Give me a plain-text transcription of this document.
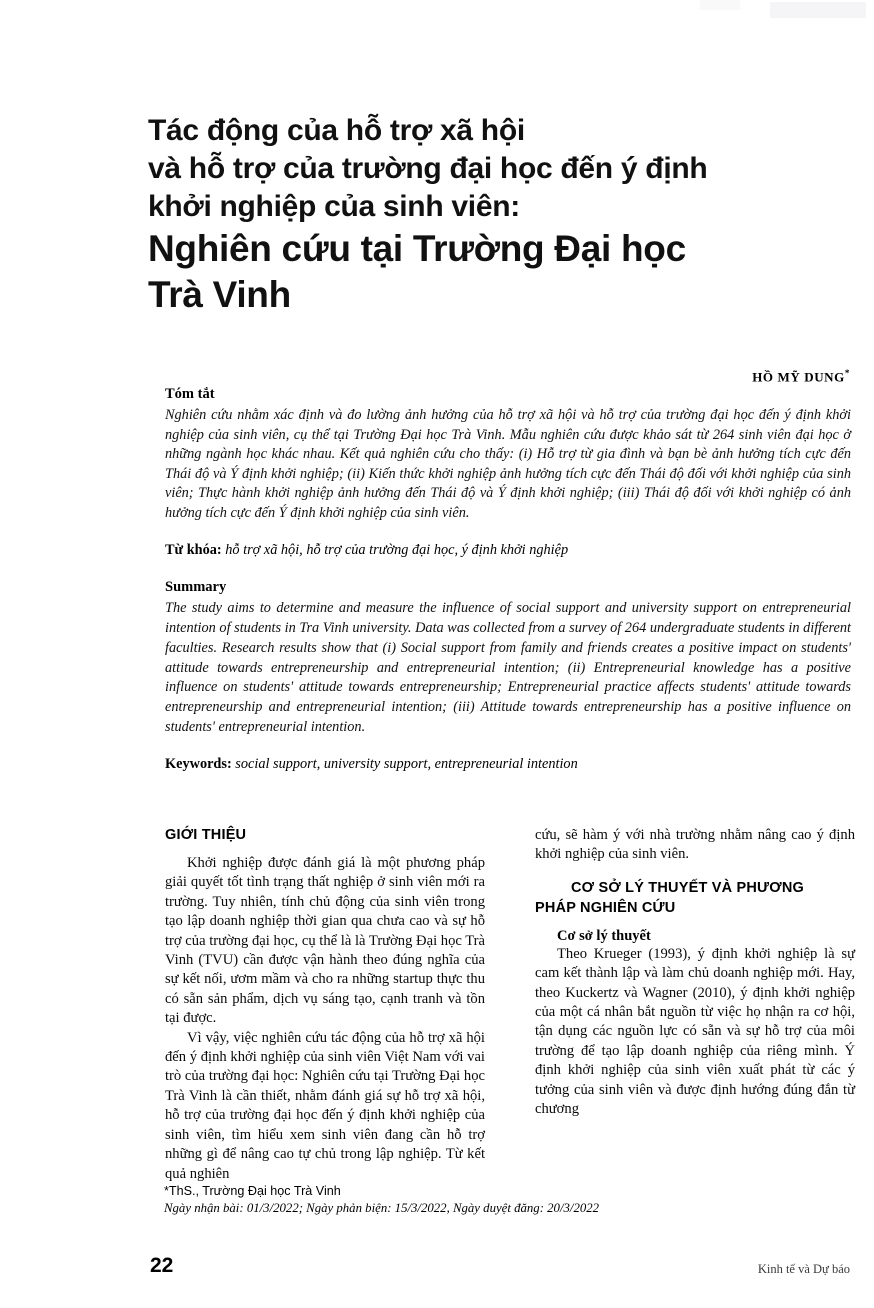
Tác động của hỗ trợ xã hội
và hỗ trợ của trường đại học đến ý định
khởi nghiệp của sinh viên:
Nghiên cứu tại Trường Đại học
Trà Vinh
HỒ MỸ DUNG*
Tóm tắt

Nghiên cứu nhằm xác định và đo lường ảnh hưởng của hỗ trợ xã hội và hỗ trợ của trường đại học đến ý định khởi nghiệp của sinh viên, cụ thể tại Trường Đại học Trà Vinh. Mẫu nghiên cứu được khảo sát từ 264 sinh viên đại học ở những ngành học khác nhau. Kết quả nghiên cứu cho thấy: (i) Hỗ trợ từ gia đình và bạn bè ảnh hưởng tích cực đến Thái độ và Ý định khởi nghiệp; (ii) Kiến thức khởi nghiệp ảnh hưởng tích cực đến Thái độ đối với khởi nghiệp của sinh viên; Thực hành khởi nghiệp ảnh hưởng đến Thái độ và Ý định khởi nghiệp; (iii) Thái độ đối với khởi nghiệp có ảnh hưởng tích cực đến Ý định khởi nghiệp của sinh viên.

Từ khóa: hỗ trợ xã hội, hỗ trợ của trường đại học, ý định khởi nghiệp

Summary

The study aims to determine and measure the influence of social support and university support on entrepreneurial intention of students in Tra Vinh university. Data was collected from a survey of 264 undergraduate students in different faculties. Research results show that (i) Social support from family and friends creates a positive impact on students' attitude towards entrepreneurship and entrepreneurial intention; (ii) Entrepreneurial knowledge has a positive influence on students' attitude towards entrepreneurship; Entrepreneurial practice affects students' attitude towards entrepreneurship and entrepreneurial intention; (iii) Attitude towards entrepreneurship has a positive influence on students' entrepreneurial intention.

Keywords: social support, university support, entrepreneurial intention

GIỚI THIỆU

Khởi nghiệp được đánh giá là một phương pháp giải quyết tốt tình trạng thất nghiệp ở sinh viên mới ra trường. Tuy nhiên, tính chủ động của sinh viên trong tạo lập doanh nghiệp thời gian qua chưa cao và sự hỗ trợ của trường đại học, cụ thể là là Trường Đại học Trà Vinh (TVU) cần được vận hành theo đúng nghĩa của sự kết nối, ươm mầm và cho ra những startup thực thu có sẵn sản phẩm, dịch vụ sáng tạo, cạnh tranh và tồn tại được.

Vì vậy, việc nghiên cứu tác động của hỗ trợ xã hội đến ý định khởi nghiệp của sinh viên Việt Nam với vai trò của trường đại học: Nghiên cứu tại Trường Đại học Trà Vinh là cần thiết, nhằm đánh giá sự hỗ trợ xã hội, hỗ trợ của trường đại học đến ý định khởi nghiệp của sinh viên, tìm hiểu xem sinh viên đang cần hỗ trợ những gì để nâng cao tự chủ trong lập nghiệp. Từ kết quả nghiên

cứu, sẽ hàm ý với nhà trường nhằm nâng cao ý định khởi nghiệp của sinh viên.

CƠ SỞ LÝ THUYẾT VÀ PHƯƠNG
PHÁP NGHIÊN CỨU
Cơ sở lý thuyết

Theo Krueger (1993), ý định khởi nghiệp là sự cam kết thành lập và làm chủ doanh nghiệp mới. Hay, theo Kuckertz và Wagner (2010), ý định khởi nghiệp của một cá nhân bắt nguồn từ việc họ nhận ra cơ hội, tận dụng các nguồn lực có sẵn và sự hỗ trợ của môi trường để tạo lập doanh nghiệp của riêng mình. Ý định khởi nghiệp của sinh viên xuất phát từ các ý tưởng của sinh viên và được định hướng đúng đắn từ chương

*ThS., Trường Đại học Trà Vinh

Ngày nhận bài: 01/3/2022; Ngày phản biện: 15/3/2022, Ngày duyệt đăng: 20/3/2022

22	Kinh tế và Dự báo
